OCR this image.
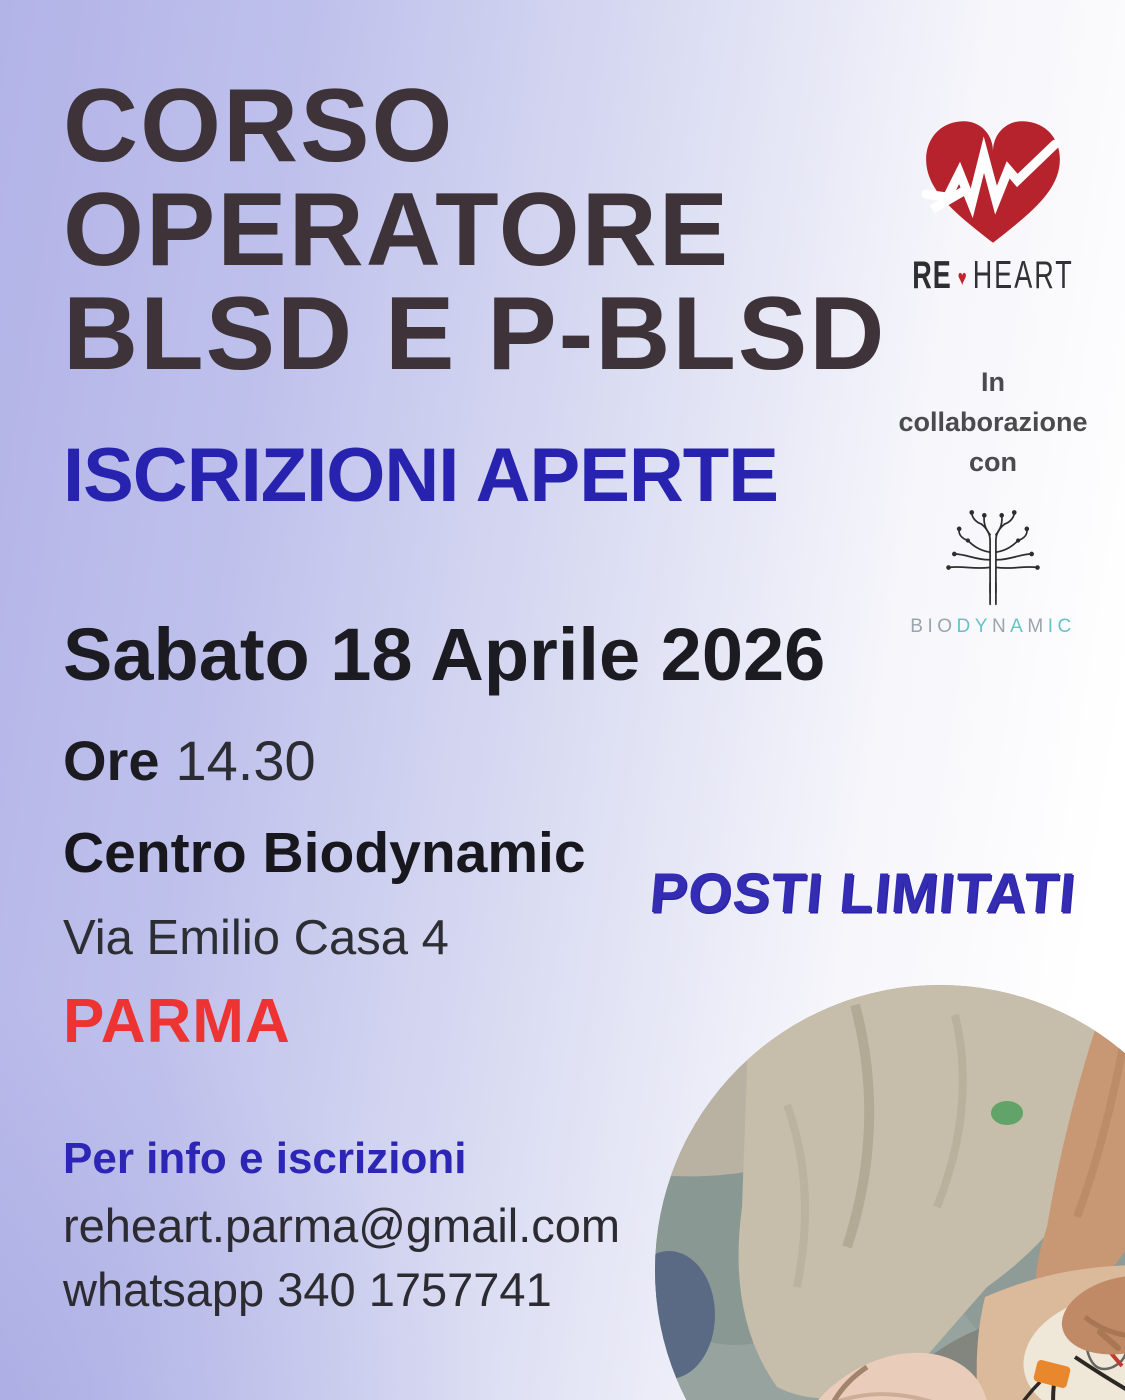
CORSO
OPERATORE
BLSD E P-BLSD
ISCRIZIONI APERTE
Sabato 18 Aprile 2026
Ore 14.30
Centro Biodynamic
Via Emilio Casa 4
PARMA
POSTI LIMITATI
Per info e iscrizioni
reheart.parma@gmail.com
whatsapp 340 1757741
RE ♥ HEART
In
collaborazione
con
BIODYNAMIC
